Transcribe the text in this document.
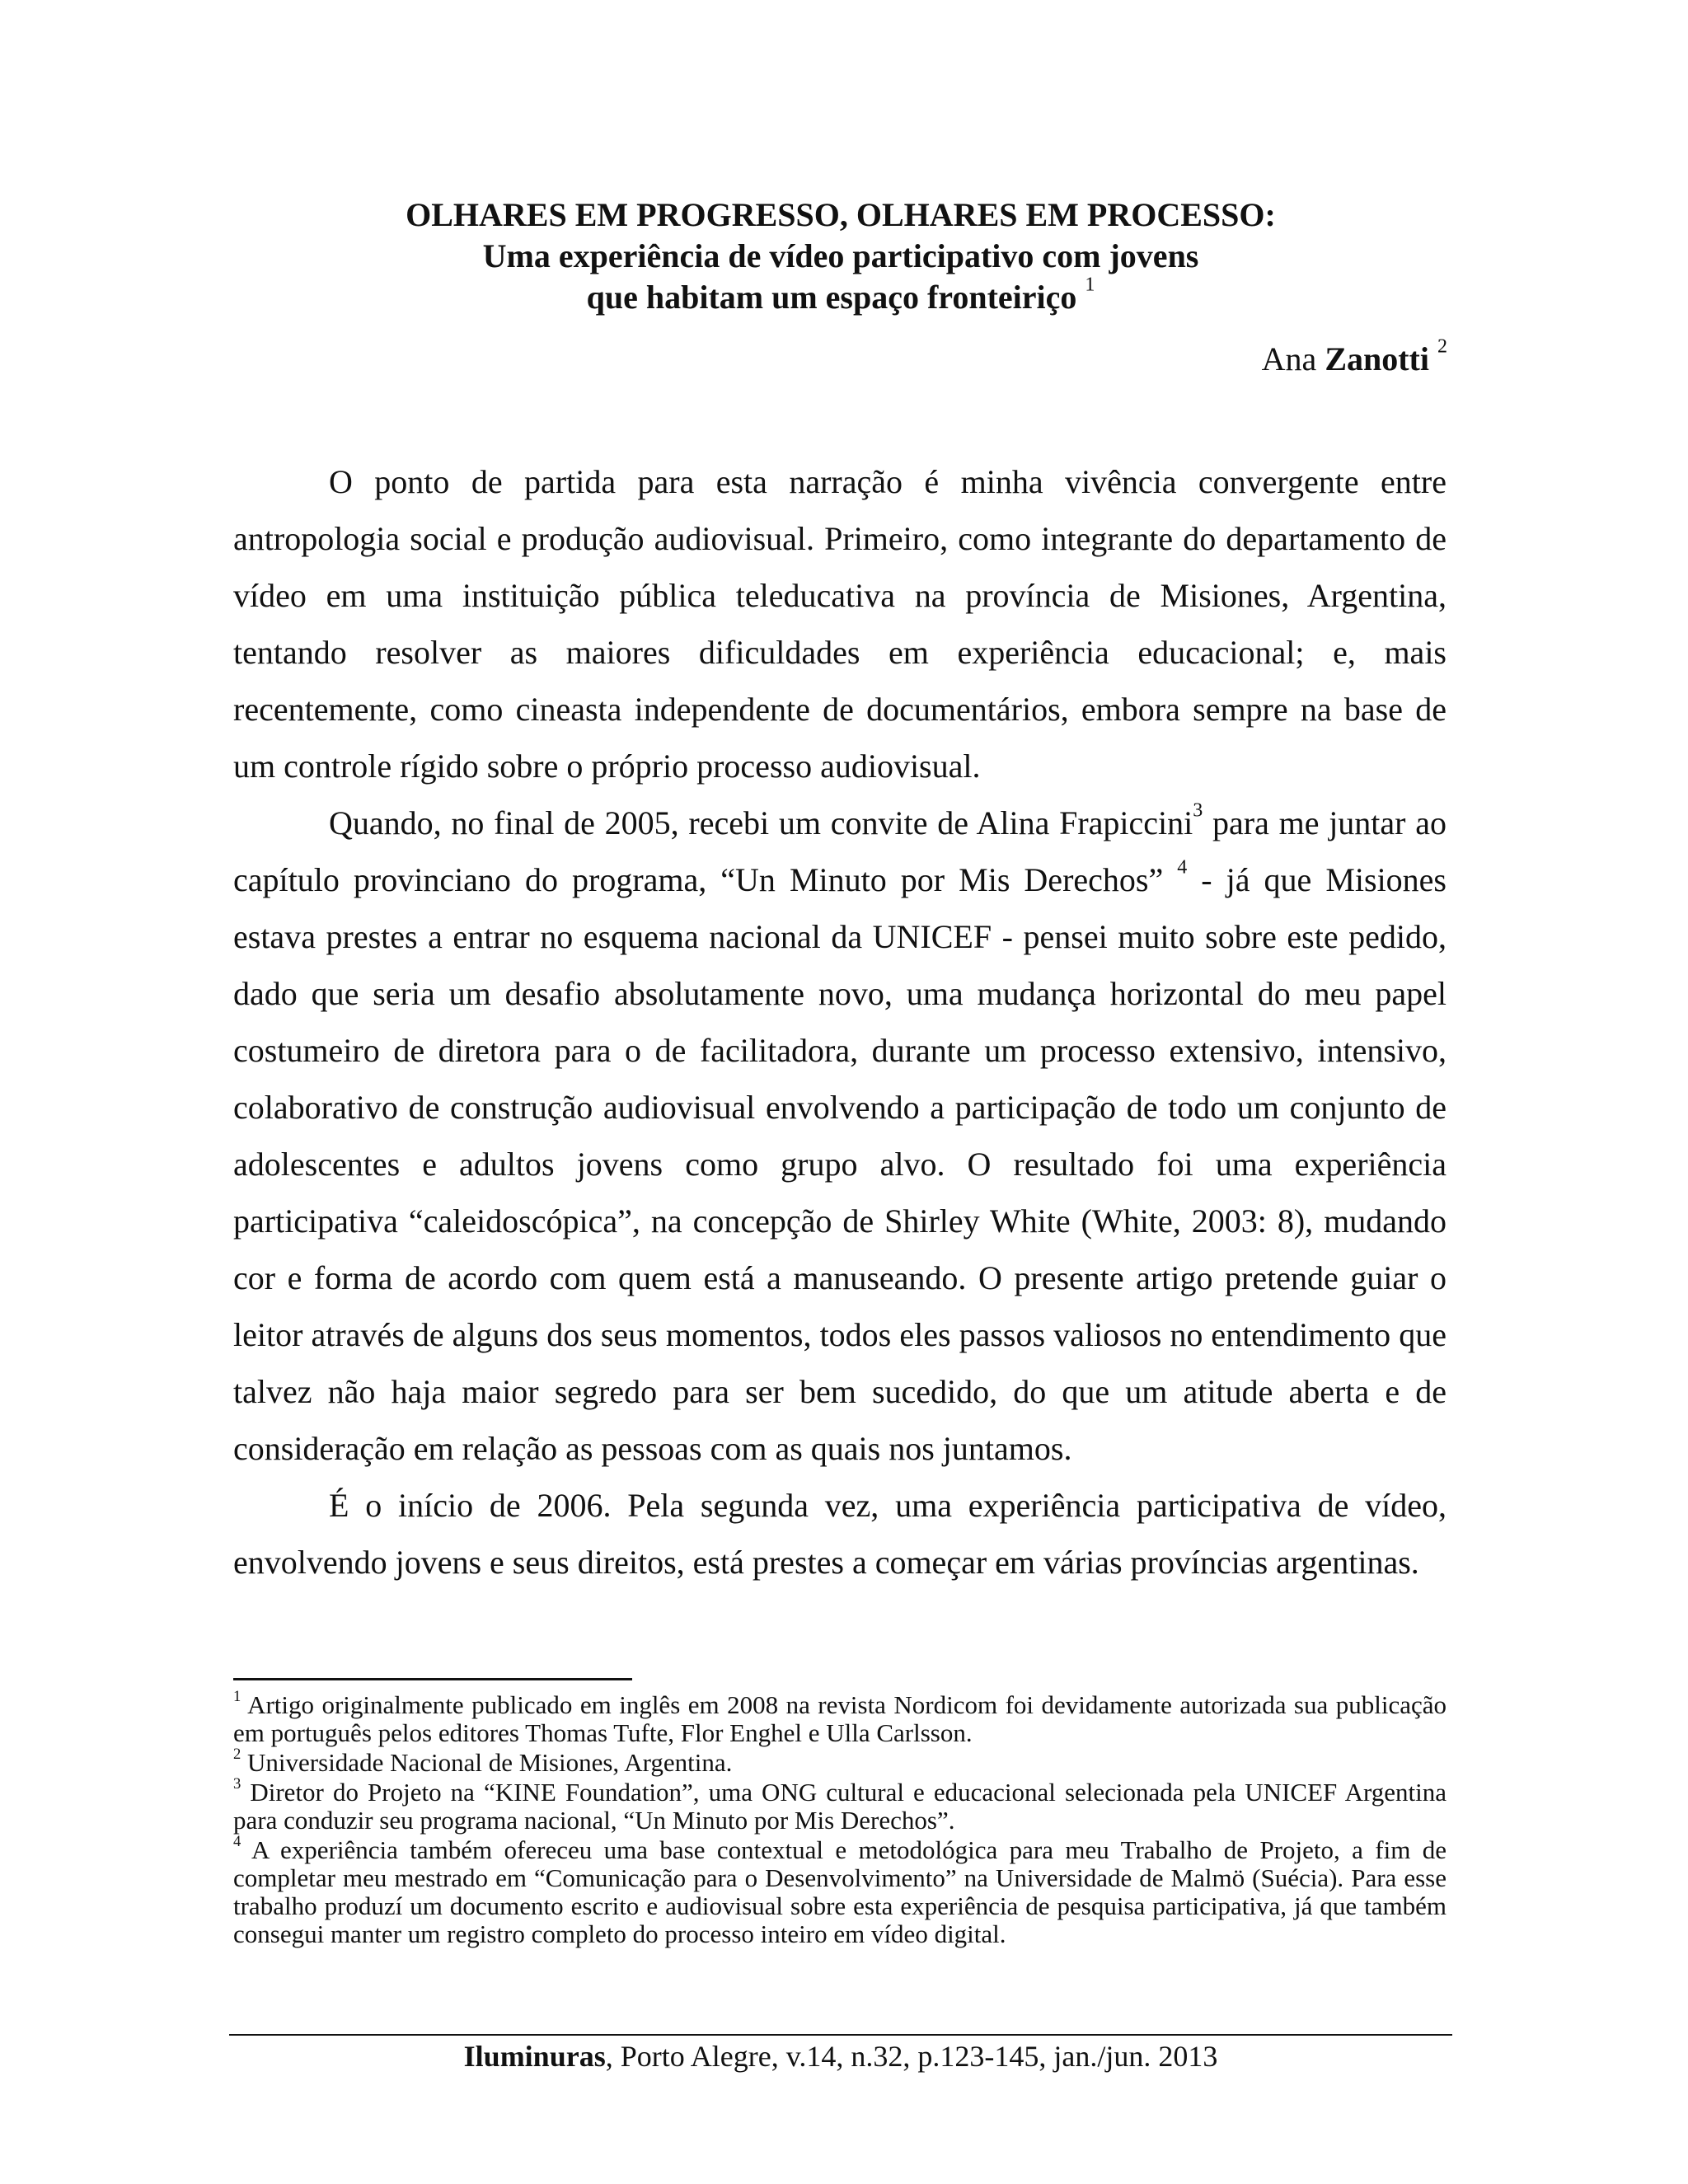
OLHARES EM PROGRESSO, OLHARES EM PROCESSO:
Uma experiência de vídeo participativo com jovens
que habitam um espaço fronteiriço $^1$
Ana Zanotti $^2$

O ponto de partida para esta narração é minha vivência convergente entre antropologia social e produção audiovisual. Primeiro, como integrante do departamento de vídeo em uma instituição pública teleducativa na província de Misiones, Argentina, tentando resolver as maiores dificuldades em experiência educacional; e, mais recentemente, como cineasta independente de documentários, embora sempre na base de um controle rígido sobre o próprio processo audiovisual.

Quando, no final de 2005, recebi um convite de Alina Frapiccini$^3$ para me juntar ao capítulo provinciano do programa, “Un Minuto por Mis Derechos” $^4$ - já que Misiones estava prestes a entrar no esquema nacional da UNICEF - pensei muito sobre este pedido, dado que seria um desafio absolutamente novo, uma mudança horizontal do meu papel costumeiro de diretora para o de facilitadora, durante um processo extensivo, intensivo, colaborativo de construção audiovisual envolvendo a participação de todo um conjunto de adolescentes e adultos jovens como grupo alvo. O resultado foi uma experiência participativa “caleidoscópica”, na concepção de Shirley White (White, 2003: 8), mudando cor e forma de acordo com quem está a manuseando. O presente artigo pretende guiar o leitor através de alguns dos seus momentos, todos eles passos valiosos no entendimento que talvez não haja maior segredo para ser bem sucedido, do que um atitude aberta e de consideração em relação as pessoas com as quais nos juntamos.

É o início de 2006. Pela segunda vez, uma experiência participativa de vídeo, envolvendo jovens e seus direitos, está prestes a começar em várias províncias argentinas.

$^1$ Artigo originalmente publicado em inglês em 2008 na revista Nordicom foi devidamente autorizada sua publicação em português pelos editores Thomas Tufte, Flor Enghel e Ulla Carlsson.

$^2$ Universidade Nacional de Misiones, Argentina.

$^3$ Diretor do Projeto na “KINE Foundation”, uma ONG cultural e educacional selecionada pela UNICEF Argentina para conduzir seu programa nacional, “Un Minuto por Mis Derechos”.

$^4$ A experiência também ofereceu uma base contextual e metodológica para meu Trabalho de Projeto, a fim de completar meu mestrado em “Comunicação para o Desenvolvimento” na Universidade de Malmö (Suécia). Para esse trabalho produzí um documento escrito e audiovisual sobre esta experiência de pesquisa participativa, já que também consegui manter um registro completo do processo inteiro em vídeo digital.

Iluminuras, Porto Alegre, v.14, n.32, p.123-145, jan./jun. 2013
